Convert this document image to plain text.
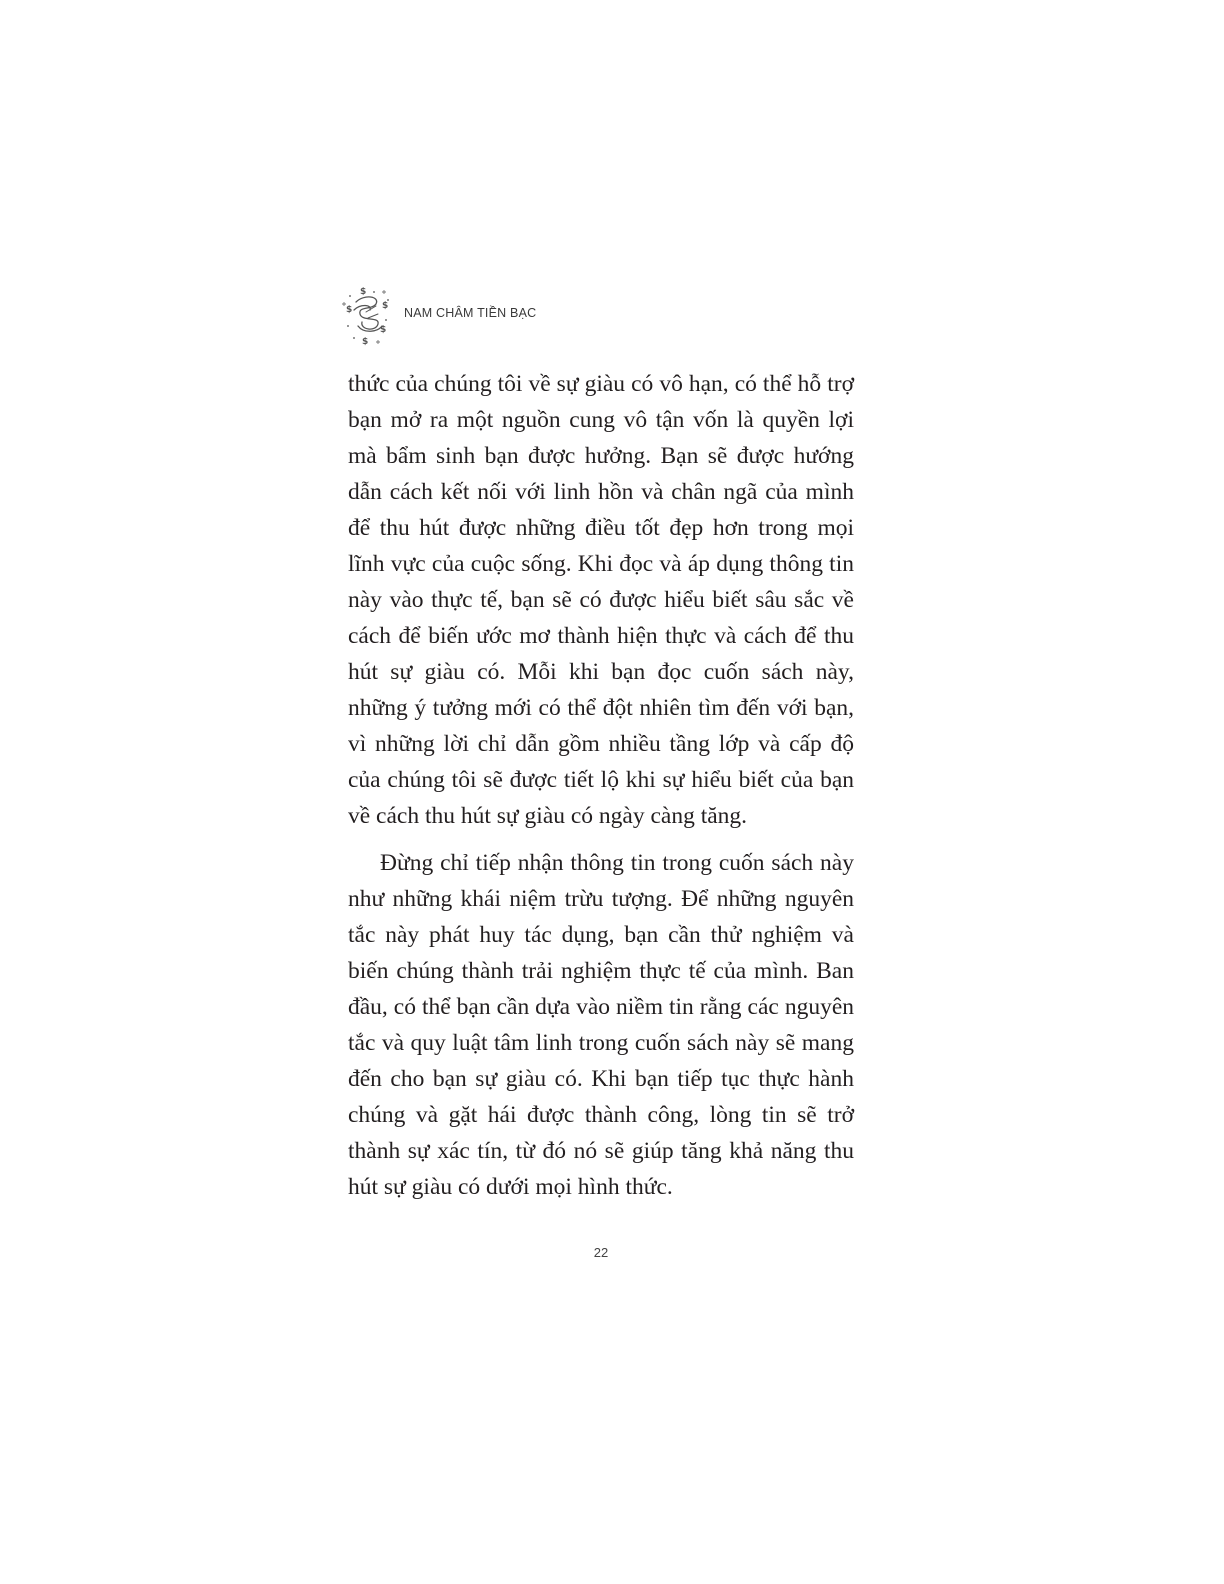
$
$	$
$
$
NAM CHÂM TIỀN BẠC

thức của chúng tôi về sự giàu có vô hạn, có thể hỗ trợ bạn mở ra một nguồn cung vô tận vốn là quyền lợi mà bẩm sinh bạn được hưởng. Bạn sẽ được hướng dẫn cách kết nối với linh hồn và chân ngã của mình để thu hút được những điều tốt đẹp hơn trong mọi lĩnh vực của cuộc sống. Khi đọc và áp dụng thông tin này vào thực tế, bạn sẽ có được hiểu biết sâu sắc về cách để biến ước mơ thành hiện thực và cách để thu hút sự giàu có. Mỗi khi bạn đọc cuốn sách này, những ý tưởng mới có thể đột nhiên tìm đến với bạn, vì những lời chỉ dẫn gồm nhiều tầng lớp và cấp độ của chúng tôi sẽ được tiết lộ khi sự hiểu biết của bạn về cách thu hút sự giàu có ngày càng tăng.

Đừng chỉ tiếp nhận thông tin trong cuốn sách này như những khái niệm trừu tượng. Để những nguyên tắc này phát huy tác dụng, bạn cần thử nghiệm và biến chúng thành trải nghiệm thực tế của mình. Ban đầu, có thể bạn cần dựa vào niềm tin rằng các nguyên tắc và quy luật tâm linh trong cuốn sách này sẽ mang đến cho bạn sự giàu có. Khi bạn tiếp tục thực hành chúng và gặt hái được thành công, lòng tin sẽ trở thành sự xác tín, từ đó nó sẽ giúp tăng khả năng thu hút sự giàu có dưới mọi hình thức.

22
